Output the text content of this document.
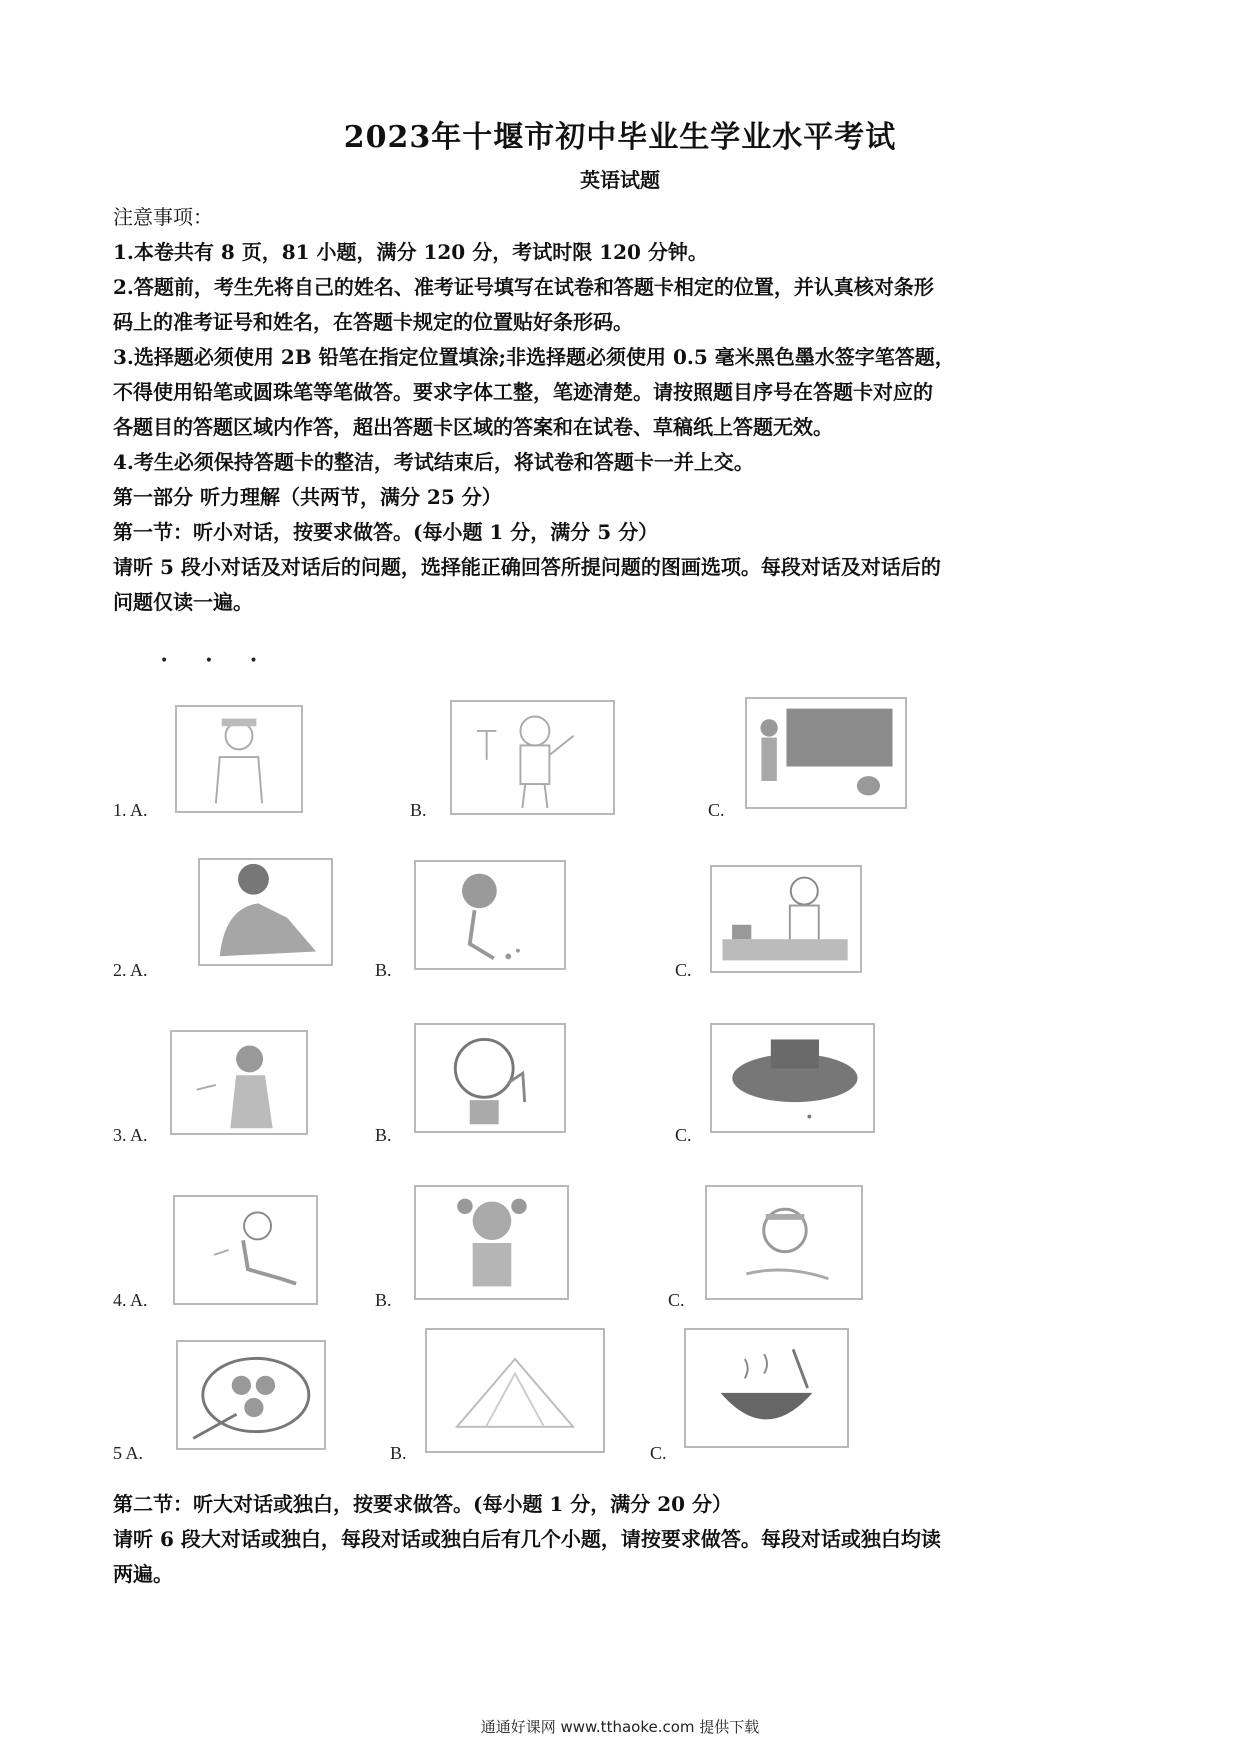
2023年十堰市初中毕业生学业水平考试
英语试题
注意事项：
1.本卷共有 8 页，81 小题，满分 120 分，考试时限 120 分钟。
2.答题前，考生先将自己的姓名、准考证号填写在试卷和答题卡相定的位置，并认真核对条形
码上的准考证号和姓名，在答题卡规定的位置贴好条形码。
3.选择题必须使用 2B 铅笔在指定位置填涂;非选择题必须使用 0.5 毫米黑色墨水签字笔答题，
不得使用铅笔或圆珠笔等笔做答。要求字体工整，笔迹清楚。请按照题目序号在答题卡对应的
各题目的答题区域内作答，超出答题卡区域的答案和在试卷、草稿纸上答题无效。
4.考生必须保持答题卡的整洁，考试结束后，将试卷和答题卡一并上交。
第一部分 听力理解（共两节，满分 25 分）
第一节：听小对话，按要求做答。(每小题 1 分，满分 5 分）
请听 5 段小对话及对话后的问题，选择能正确回答所提问题的图画选项。每段对话及对话后的
问题仅读一遍。
• • •
1. A.	B.	C.
2. A.	B.	C.
3. A.	B.	C.
4. A.	B.	C.
5 A.	B.	C.
第二节：听大对话或独白，按要求做答。(每小题 1 分，满分 20 分）
请听 6 段大对话或独白，每段对话或独白后有几个小题，请按要求做答。每段对话或独白均读
两遍。
通通好课网 www.tthaoke.com 提供下载
